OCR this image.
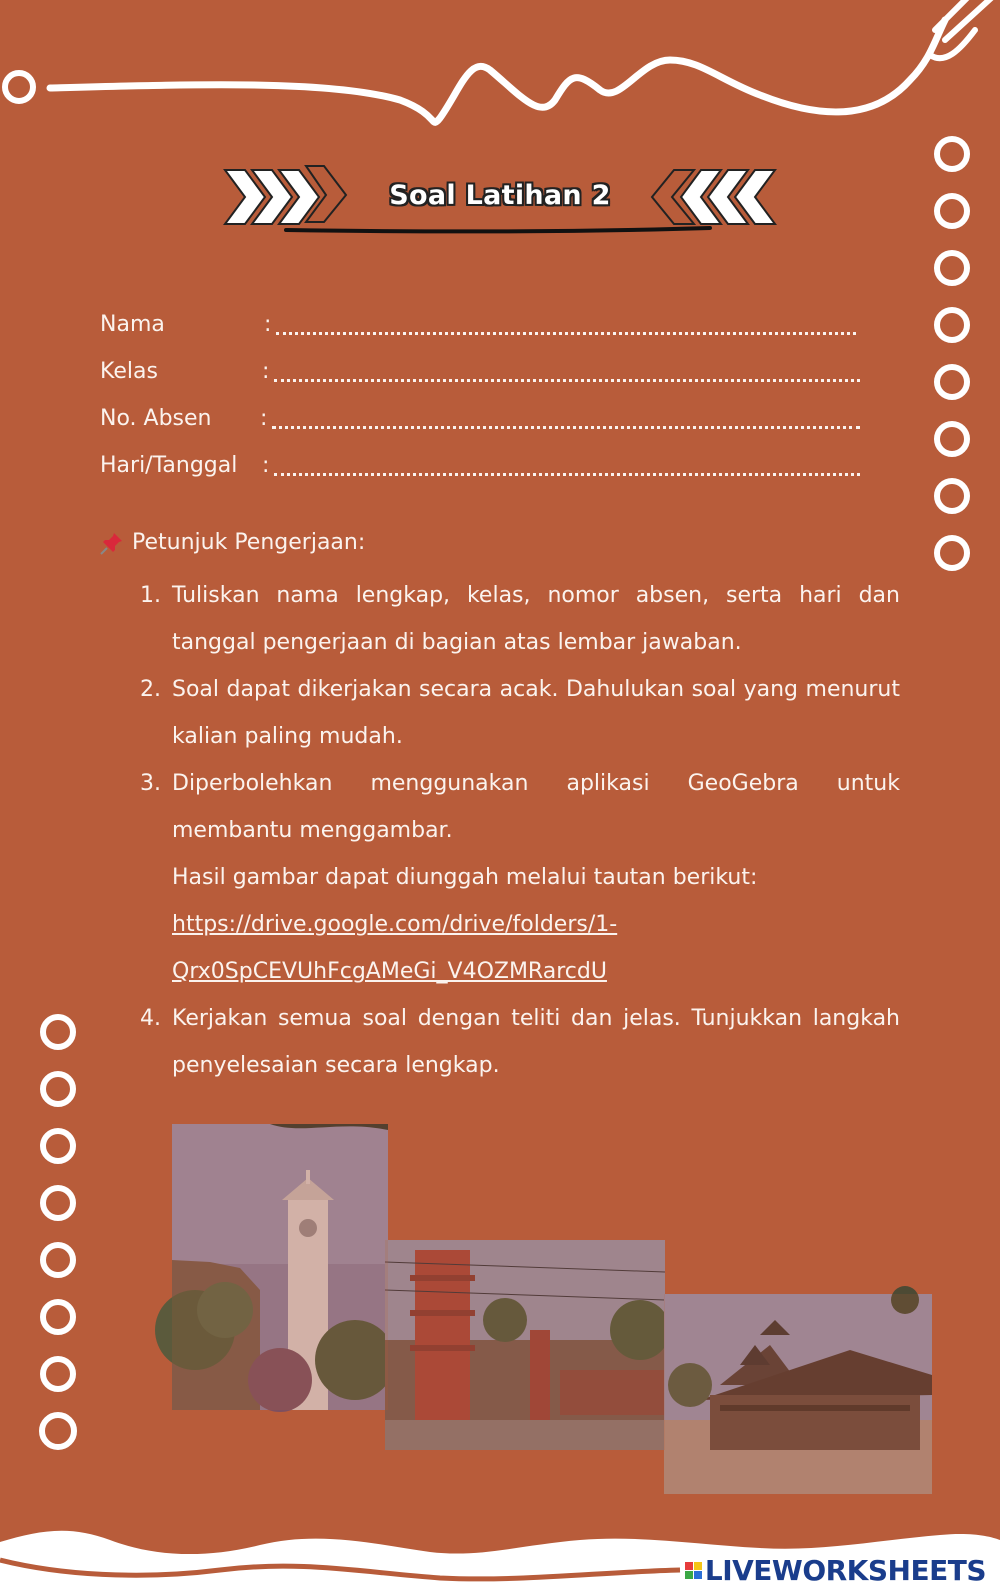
Soal Latihan 2
Nama	:
Kelas	:
No. Absen :
Hari/Tanggal :
Petunjuk Pengerjaan:
1. Tuliskan nama lengkap, kelas, nomor absen, serta hari dan tanggal pengerjaan di bagian atas lembar jawaban.
2. Soal dapat dikerjakan secara acak. Dahulukan soal yang menurut kalian paling mudah.
3. Diperbolehkan menggunakan aplikasi GeoGebra untuk membantu menggambar.
Hasil gambar dapat diunggah melalui tautan berikut:
https://drive.google.com/drive/folders/1-
Qrx0SpCEVUhFcgAMeGi_V4OZMRarcdU
4. Kerjakan semua soal dengan teliti dan jelas. Tunjukkan langkah penyelesaian secara lengkap.
LIVEWORKSHEETS
